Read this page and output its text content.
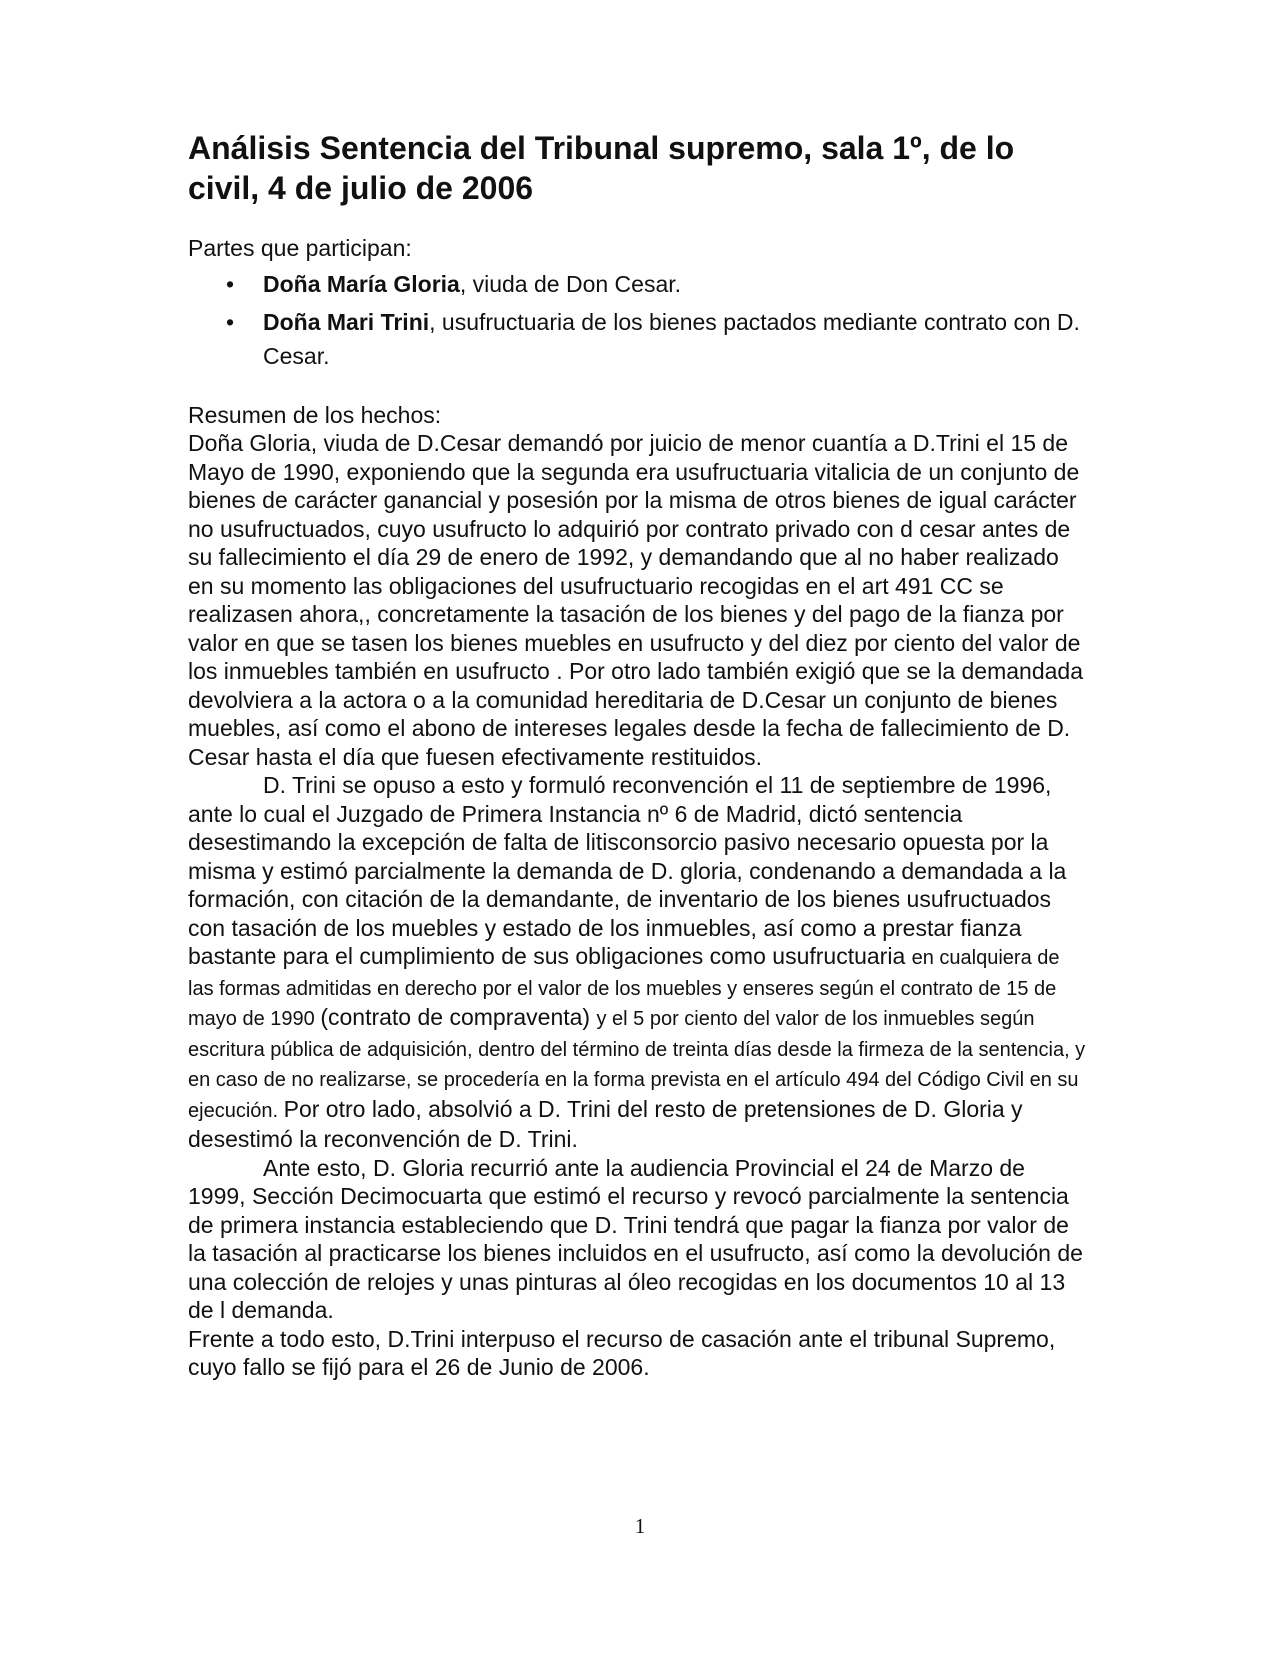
Análisis Sentencia del Tribunal supremo, sala 1º, de lo civil, 4 de julio de 2006

Partes que participan:

• Doña María Gloria, viuda de Don Cesar.
• Doña Mari Trini, usufructuaria de los bienes pactados mediante contrato con D. Cesar.

Resumen de los hechos:

Doña Gloria, viuda de D.Cesar demandó por juicio de menor cuantía a D.Trini el 15 de Mayo de 1990, exponiendo que la segunda era usufructuaria vitalicia de un conjunto de bienes de carácter ganancial y posesión por la misma de otros bienes de igual carácter no usufructuados, cuyo usufructo lo adquirió por contrato privado con d cesar antes de su fallecimiento el día 29 de enero de 1992, y demandando que al no haber realizado en su momento las obligaciones del usufructuario recogidas en el art 491 CC se realizasen ahora,, concretamente la tasación de los bienes y del pago de la fianza por valor en que se tasen los bienes muebles en usufructo y del diez por ciento del valor de los inmuebles también en usufructo . Por otro lado también exigió que se la demandada devolviera a la actora o a la comunidad hereditaria de D.Cesar un conjunto de bienes muebles, así como el abono de intereses legales desde la fecha de fallecimiento de D. Cesar hasta el día que fuesen efectivamente restituidos.

D. Trini se opuso a esto y formuló reconvención el 11 de septiembre de 1996, ante lo cual el Juzgado de Primera Instancia nº 6 de Madrid, dictó sentencia desestimando la excepción de falta de litisconsorcio pasivo necesario opuesta por la misma y estimó parcialmente la demanda de D. gloria, condenando a demandada a la formación, con citación de la demandante, de inventario de los bienes usufructuados con tasación de los muebles y estado de los inmuebles, así como a prestar fianza bastante para el cumplimiento de sus obligaciones como usufructuaria en cualquiera de las formas admitidas en derecho por el valor de los muebles y enseres según el contrato de 15 de mayo de 1990 (contrato de compraventa) y el 5 por ciento del valor de los inmuebles según escritura pública de adquisición, dentro del término de treinta días desde la firmeza de la sentencia, y en caso de no realizarse, se procedería en la forma prevista en el artículo 494 del Código Civil en su ejecución. Por otro lado, absolvió a D. Trini del resto de pretensiones de D. Gloria y desestimó la reconvención de D. Trini.

Ante esto, D. Gloria recurrió ante la audiencia Provincial el 24 de Marzo de 1999, Sección Decimocuarta que estimó el recurso y revocó parcialmente la sentencia de primera instancia estableciendo que D. Trini tendrá que pagar la fianza por valor de la tasación al practicarse los bienes incluidos en el usufructo, así como la devolución de una colección de relojes y unas pinturas al óleo recogidas en los documentos 10 al 13 de l demanda.

Frente a todo esto, D.Trini interpuso el recurso de casación ante el tribunal Supremo, cuyo fallo se fijó para el 26 de Junio de 2006.

1
